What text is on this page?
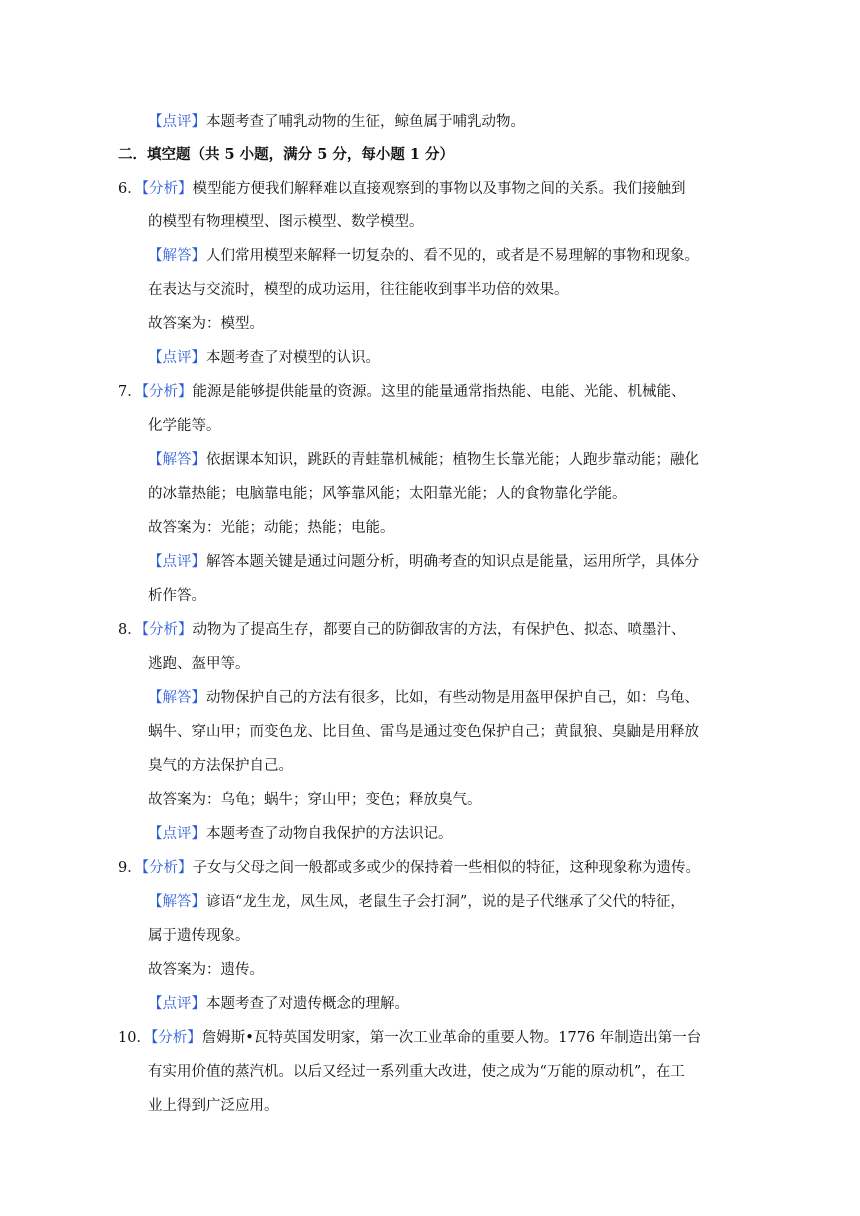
【点评】本题考查了哺乳动物的生征，鲸鱼属于哺乳动物。
二．填空题（共 5 小题，满分 5 分，每小题 1 分）
6．【分析】模型能方便我们解释难以直接观察到的事物以及事物之间的关系。我们接触到
的模型有物理模型、图示模型、数学模型。
【解答】人们常用模型来解释一切复杂的、看不见的，或者是不易理解的事物和现象。
在表达与交流时，模型的成功运用，往往能收到事半功倍的效果。
故答案为：模型。
【点评】本题考查了对模型的认识。
7．【分析】能源是能够提供能量的资源。这里的能量通常指热能、电能、光能、机械能、
化学能等。
【解答】依据课本知识，跳跃的青蛙靠机械能；植物生长靠光能；人跑步靠动能；融化
的冰靠热能；电脑靠电能；风筝靠风能；太阳靠光能；人的食物靠化学能。
故答案为：光能；动能；热能；电能。
【点评】解答本题关键是通过问题分析，明确考查的知识点是能量，运用所学，具体分
析作答。
8．【分析】动物为了提高生存，都要自己的防御敌害的方法，有保护色、拟态、喷墨汁、
逃跑、盔甲等。
【解答】动物保护自己的方法有很多，比如，有些动物是用盔甲保护自己，如：乌龟、
蜗牛、穿山甲；而变色龙、比目鱼、雷鸟是通过变色保护自己；黄鼠狼、臭鼬是用释放
臭气的方法保护自己。
故答案为：乌龟；蜗牛；穿山甲；变色；释放臭气。
【点评】本题考查了动物自我保护的方法识记。
9．【分析】子女与父母之间一般都或多或少的保持着一些相似的特征，这种现象称为遗传。
【解答】谚语“龙生龙，凤生凤，老鼠生子会打洞”，说的是子代继承了父代的特征，
属于遗传现象。
故答案为：遗传。
【点评】本题考查了对遗传概念的理解。
10．【分析】詹姆斯•瓦特英国发明家，第一次工业革命的重要人物。1776 年制造出第一台
有实用价值的蒸汽机。以后又经过一系列重大改进，使之成为“万能的原动机”，在工
业上得到广泛应用。
